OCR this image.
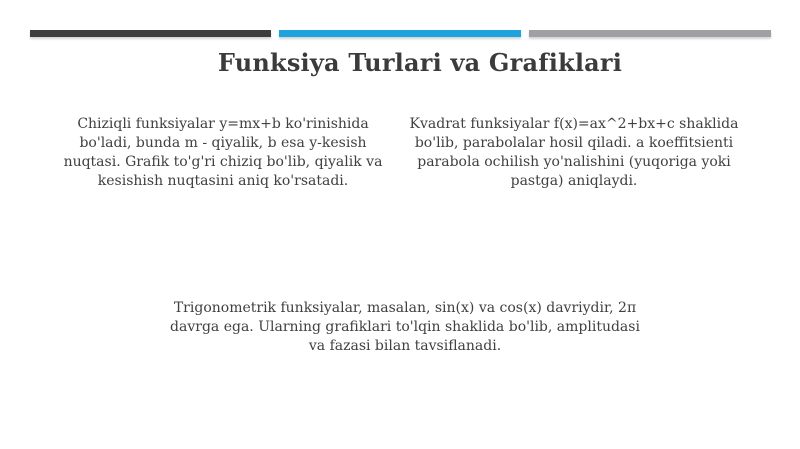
Funksiya Turlari va Grafiklari
Chiziqli funksiyalar y=mx+b ko'rinishida bo'ladi, bunda m - qiyalik, b esa y-kesish nuqtasi. Grafik to'g'ri chiziq bo'lib, qiyalik va kesishish nuqtasini aniq ko'rsatadi.
Kvadrat funksiyalar f(x)=ax^2+bx+c shaklida bo'lib, parabolalar hosil qiladi. a koeffitsienti parabola ochilish yo'nalishini (yuqoriga yoki pastga) aniqlaydi.
Trigonometrik funksiyalar, masalan, sin(x) va cos(x) davriydir, 2π davrga ega. Ularning grafiklari to'lqin shaklida bo'lib, amplitudasi va fazasi bilan tavsiflanadi.
